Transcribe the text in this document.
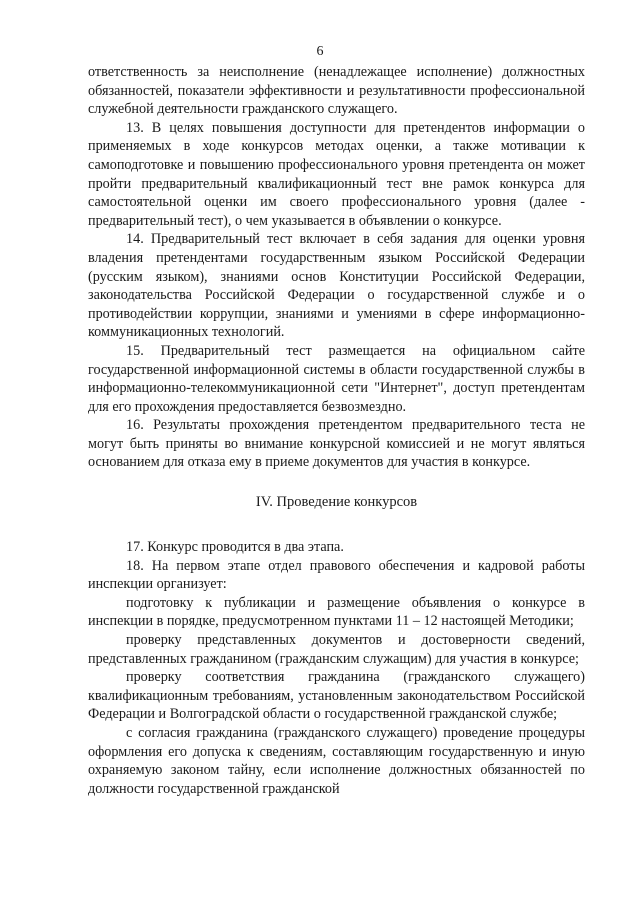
6

ответственность за неисполнение (ненадлежащее исполнение) должностных обязанностей, показатели эффективности и результативности профессиональной служебной деятельности гражданского служащего.

13. В целях повышения доступности для претендентов информации о применяемых в ходе конкурсов методах оценки, а также мотивации к самоподготовке и повышению профессионального уровня претендента он может пройти предварительный квалификационный тест вне рамок конкурса для самостоятельной оценки им своего профессионального уровня (далее - предварительный тест), о чем указывается в объявлении о конкурсе.

14. Предварительный тест включает в себя задания для оценки уровня владения претендентами государственным языком Российской Федерации (русским языком), знаниями основ Конституции Российской Федерации, законодательства Российской Федерации о государственной службе и о противодействии коррупции, знаниями и умениями в сфере информационно-коммуникационных технологий.

15. Предварительный тест размещается на официальном сайте государственной информационной системы в области государственной службы в информационно-телекоммуникационной сети "Интернет", доступ претендентам для его прохождения предоставляется безвозмездно.

16. Результаты прохождения претендентом предварительного теста не могут быть приняты во внимание конкурсной комиссией и не могут являться основанием для отказа ему в приеме документов для участия в конкурсе.

IV. Проведение конкурсов

17. Конкурс проводится в два этапа.

18. На первом этапе отдел правового обеспечения и кадровой работы инспекции организует:

подготовку к публикации и размещение объявления о конкурсе в инспекции в порядке, предусмотренном пунктами 11 – 12 настоящей Методики;

проверку представленных документов и достоверности сведений, представленных гражданином (гражданским служащим) для участия в конкурсе;

проверку соответствия гражданина (гражданского служащего) квалификационным требованиям, установленным законодательством Российской Федерации и Волгоградской области о государственной гражданской службе;

с согласия гражданина (гражданского служащего) проведение процедуры оформления его допуска к сведениям, составляющим государственную и иную охраняемую законом тайну, если исполнение должностных обязанностей по должности государственной гражданской
